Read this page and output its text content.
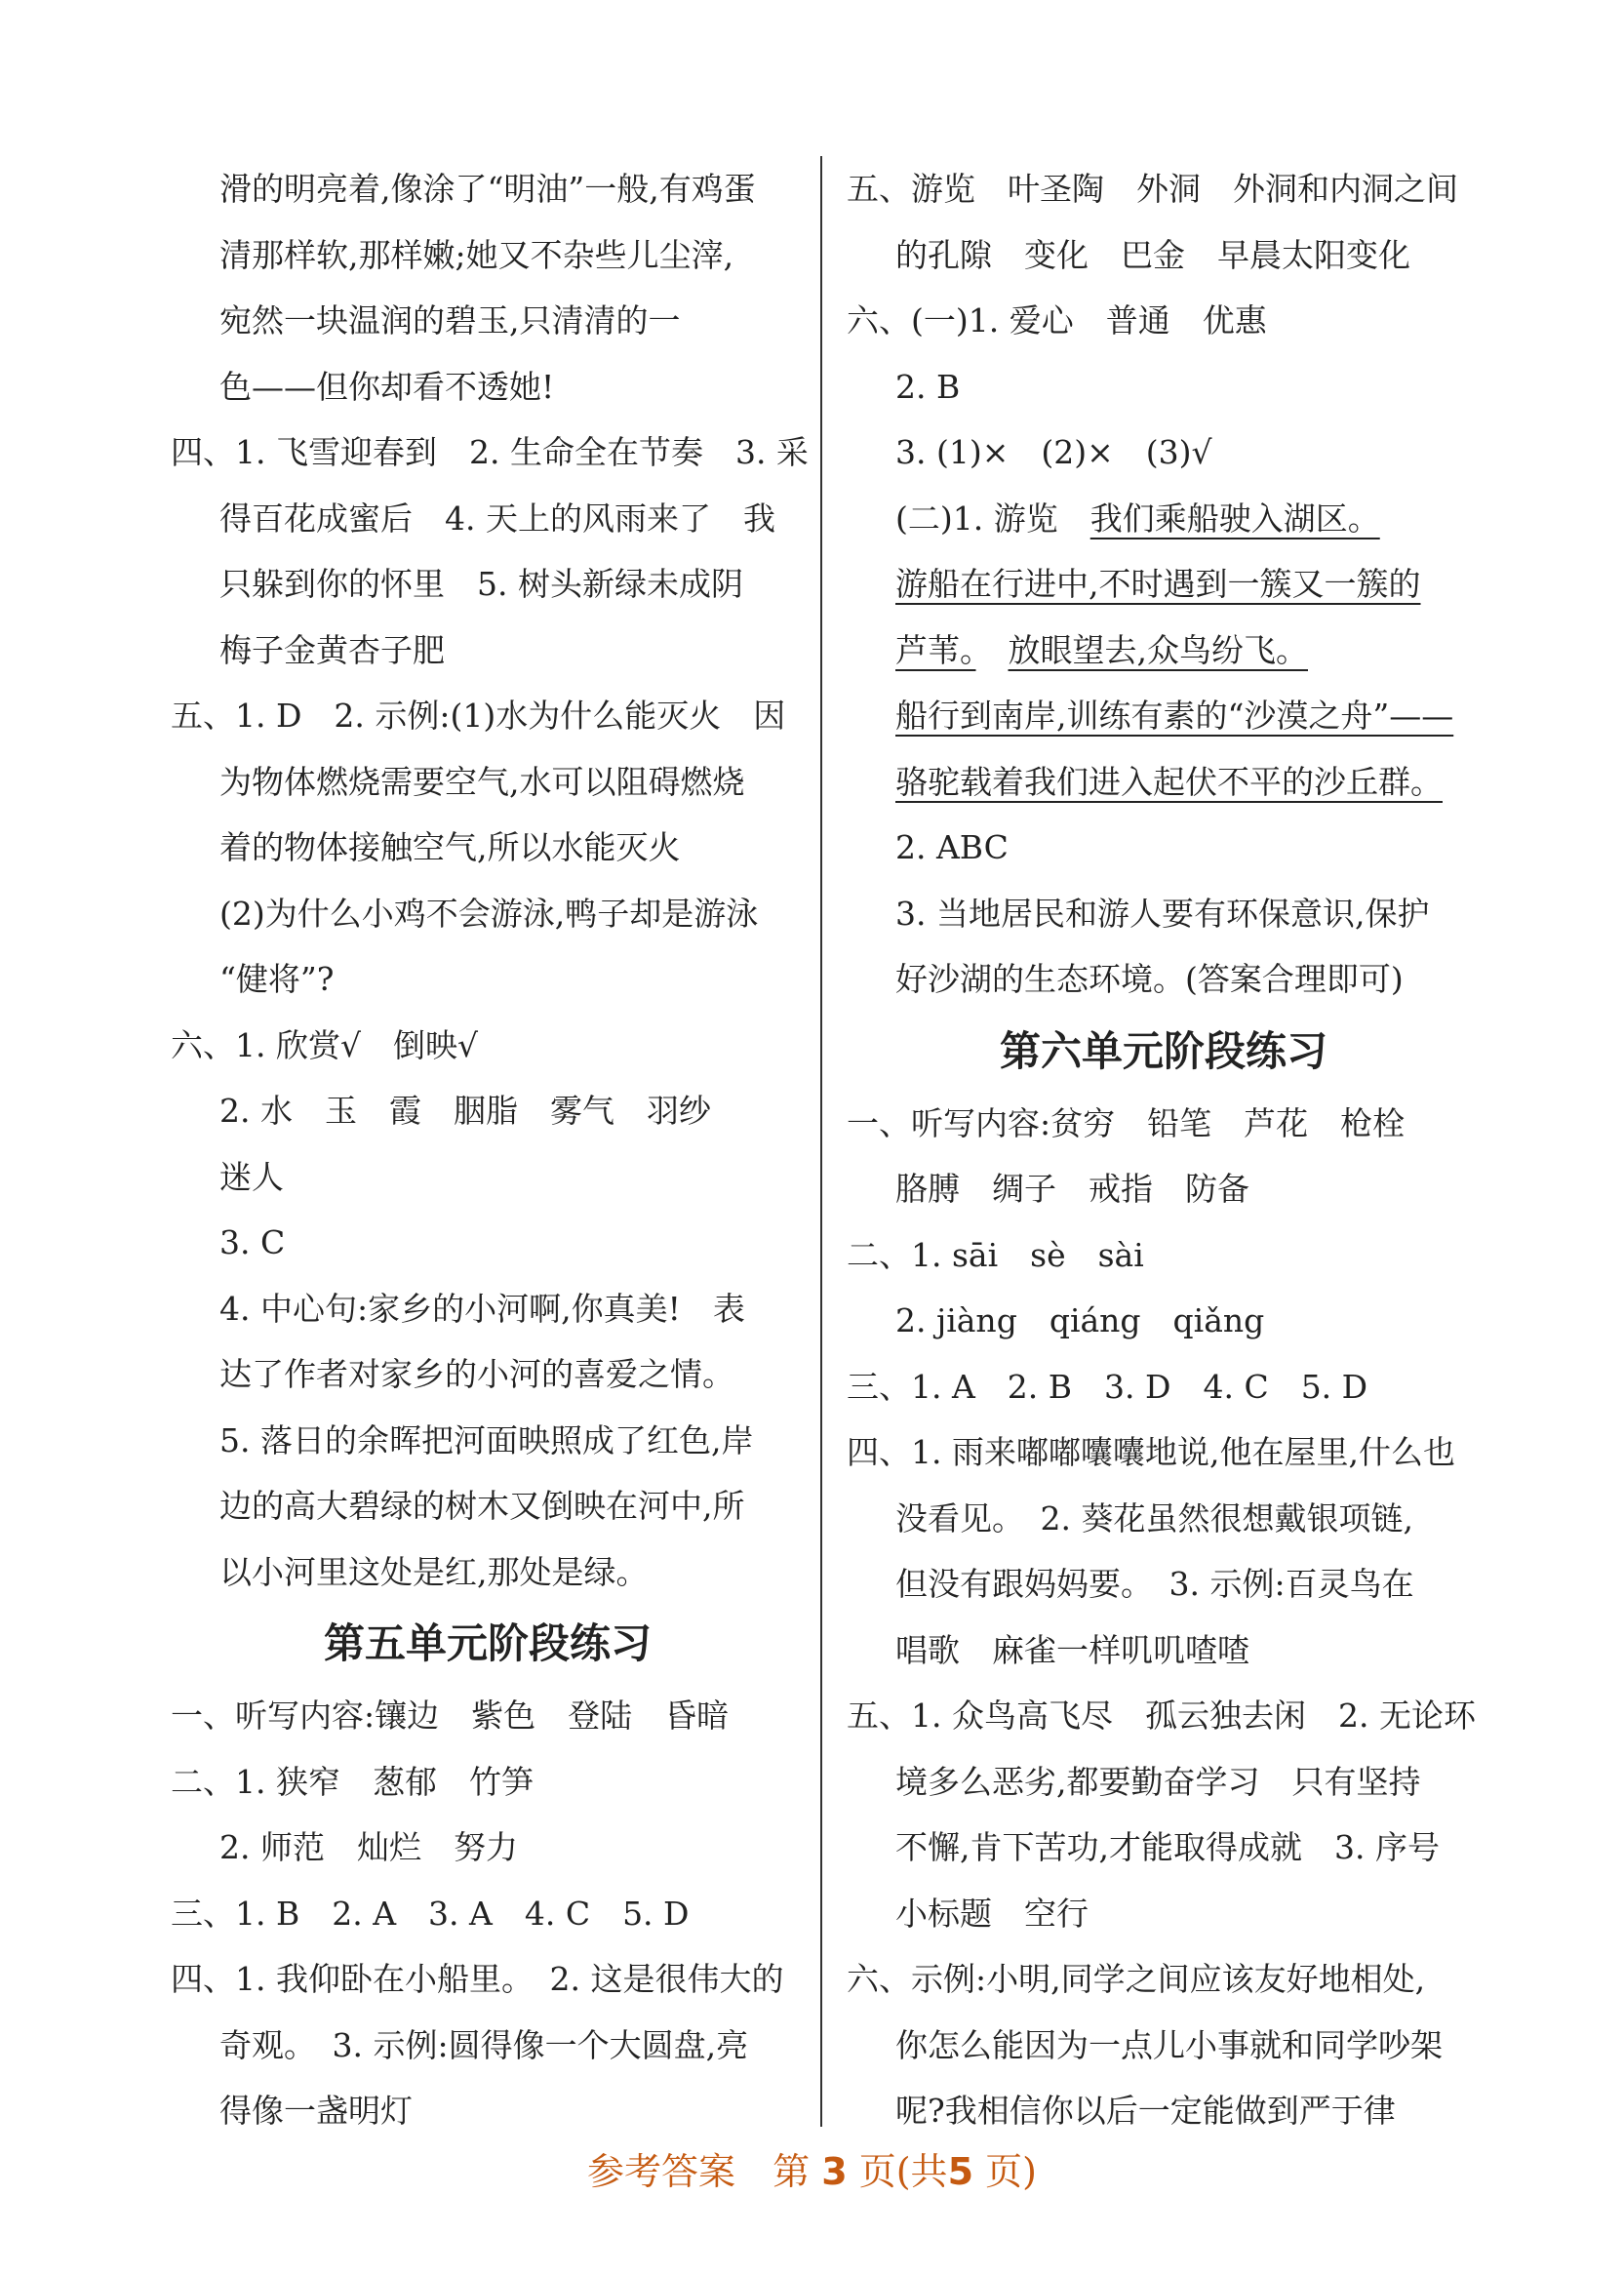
滑的明亮着,像涂了“明油”一般,有鸡蛋
清那样软,那样嫩;她又不杂些儿尘滓,
宛然一块温润的碧玉,只清清的一
色——但你却看不透她!
四、1. 飞雪迎春到　2. 生命全在节奏　3. 采
得百花成蜜后　4. 天上的风雨来了　我
只躲到你的怀里　5. 树头新绿未成阴
梅子金黄杏子肥
五、1. D　2. 示例:(1)水为什么能灭火　因
为物体燃烧需要空气,水可以阻碍燃烧
着的物体接触空气,所以水能灭火
(2)为什么小鸡不会游泳,鸭子却是游泳
“健将”?
六、1. 欣赏√　倒映√
2. 水　玉　霞　胭脂　雾气　羽纱
迷人
3. C
4. 中心句:家乡的小河啊,你真美!　表
达了作者对家乡的小河的喜爱之情。
5. 落日的余晖把河面映照成了红色,岸
边的高大碧绿的树木又倒映在河中,所
以小河里这处是红,那处是绿。
第五单元阶段练习
一、听写内容:镶边　紫色　登陆　昏暗
二、1. 狭窄　葱郁　竹笋
2. 师范　灿烂　努力
三、1. B　2. A　3. A　4. C　5. D
四、1. 我仰卧在小船里。　2. 这是很伟大的
奇观。　3. 示例:圆得像一个大圆盘,亮
得像一盏明灯
五、游览　叶圣陶　外洞　外洞和内洞之间
的孔隙　变化　巴金　早晨太阳变化
六、(一)1. 爱心　普通　优惠
2. B
3. (1)×　(2)×　(3)√
(二)1. 游览　我们乘船驶入湖区。
游船在行进中,不时遇到一簇又一簇的
芦苇。　 放眼望去,众鸟纷飞。
船行到南岸,训练有素的“沙漠之舟”——
骆驼载着我们进入起伏不平的沙丘群。
2. ABC
3. 当地居民和游人要有环保意识,保护
好沙湖的生态环境。(答案合理即可)
第六单元阶段练习
一、听写内容:贫穷　铅笔　芦花　枪栓
胳膊　绸子　戒指　防备
二、1. sāi　sè　sài
2. jiàng　qiáng　qiǎng
三、1. A　2. B　3. D　4. C　5. D
四、1. 雨来嘟嘟囔囔地说,他在屋里,什么也
没看见。　2. 葵花虽然很想戴银项链,
但没有跟妈妈要。　3. 示例:百灵鸟在
唱歌　麻雀一样叽叽喳喳
五、1. 众鸟高飞尽　孤云独去闲　2. 无论环
境多么恶劣,都要勤奋学习　只有坚持
不懈,肯下苦功,才能取得成就　3. 序号
小标题　空行
六、示例:小明,同学之间应该友好地相处,
你怎么能因为一点儿小事就和同学吵架
呢?我相信你以后一定能做到严于律
参考答案　 第 3 页(共5 页)
